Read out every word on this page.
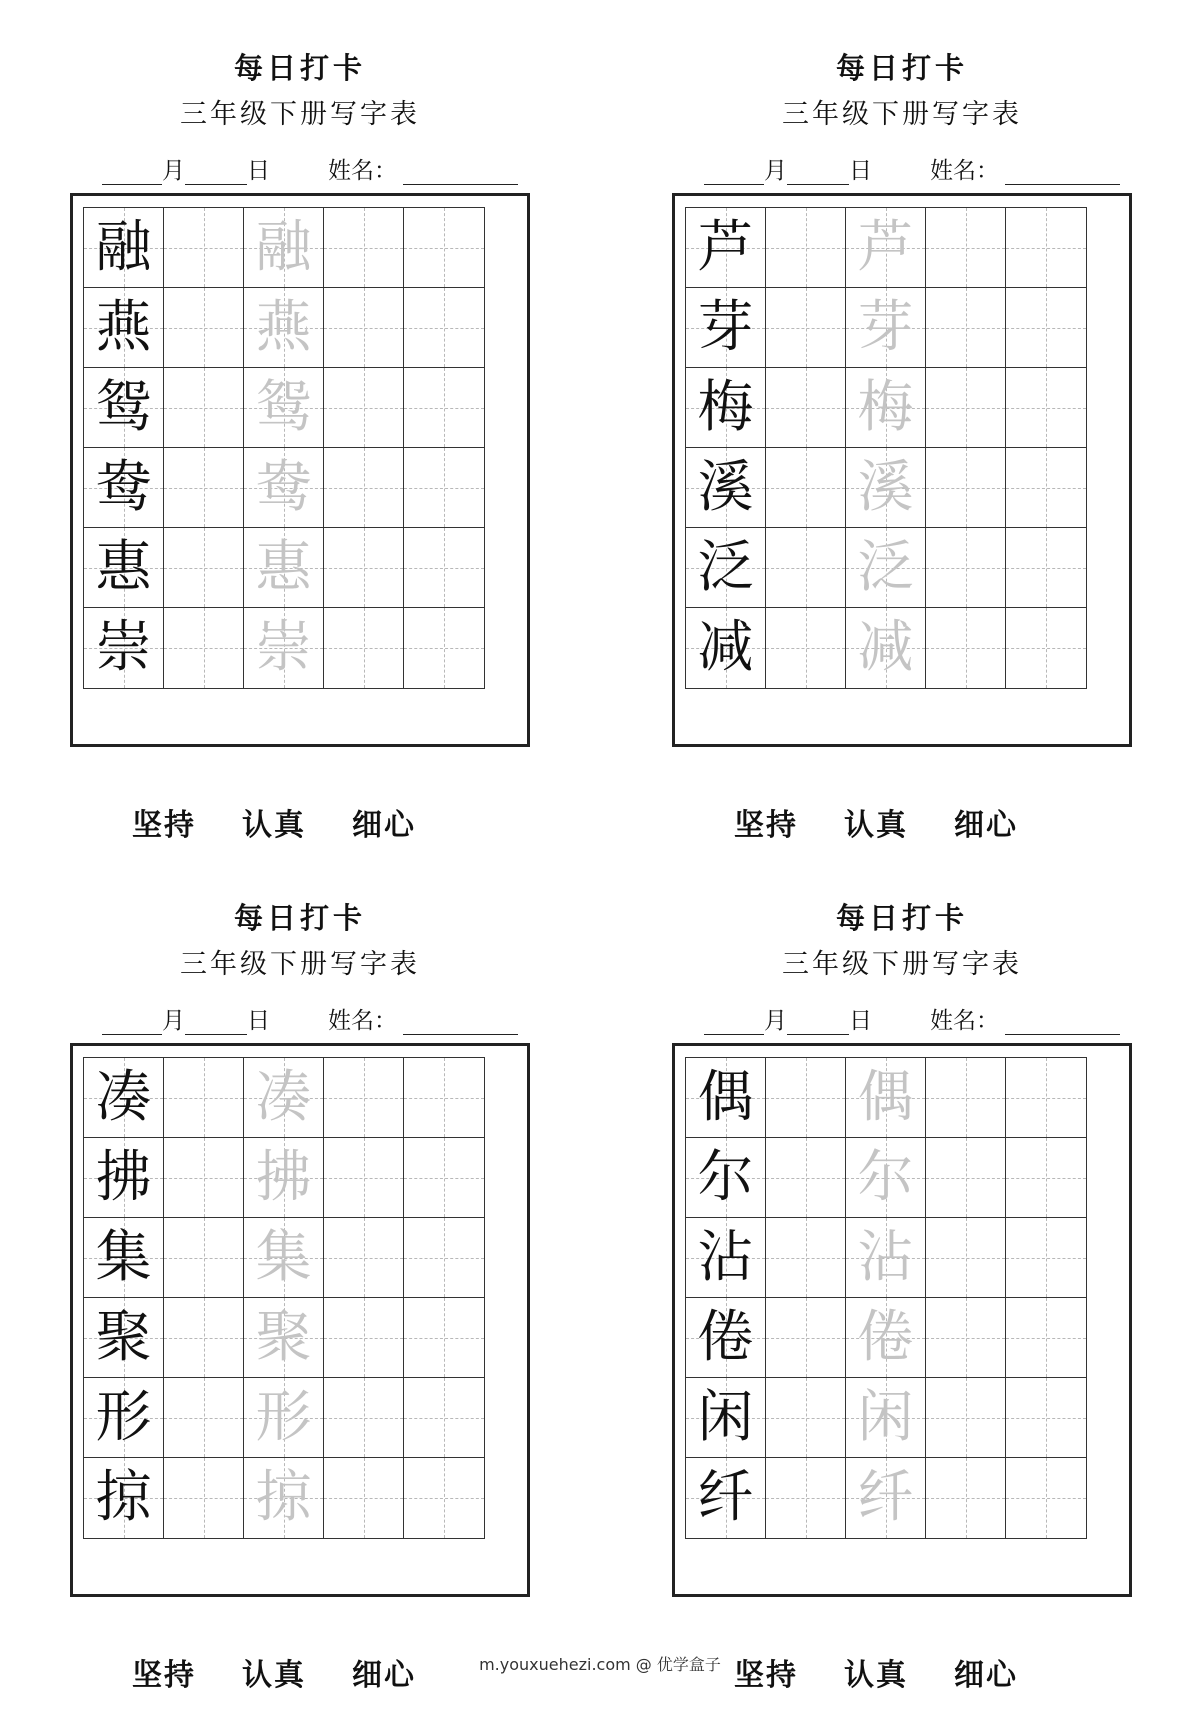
每日打卡
三年级下册写字表
月	日	姓名：
融 融
燕 燕
鸳 鸳
鸯 鸯
惠 惠
崇 崇
坚持 认真 细心
每日打卡
三年级下册写字表
月	日	姓名：
芦 芦
芽 芽
梅 梅
溪 溪
泛 泛
减 减
坚持 认真 细心
每日打卡
三年级下册写字表
月	日	姓名：
凑 凑
拂 拂
集 集
聚 聚
形 形
掠 掠
坚持 认真 细心
每日打卡
三年级下册写字表
月	日	姓名：
偶 偶
尔 尔
沾 沾
倦 倦
闲 闲
纤 纤
坚持 认真 细心
m.youxuehezi.com @ 优学盒子
